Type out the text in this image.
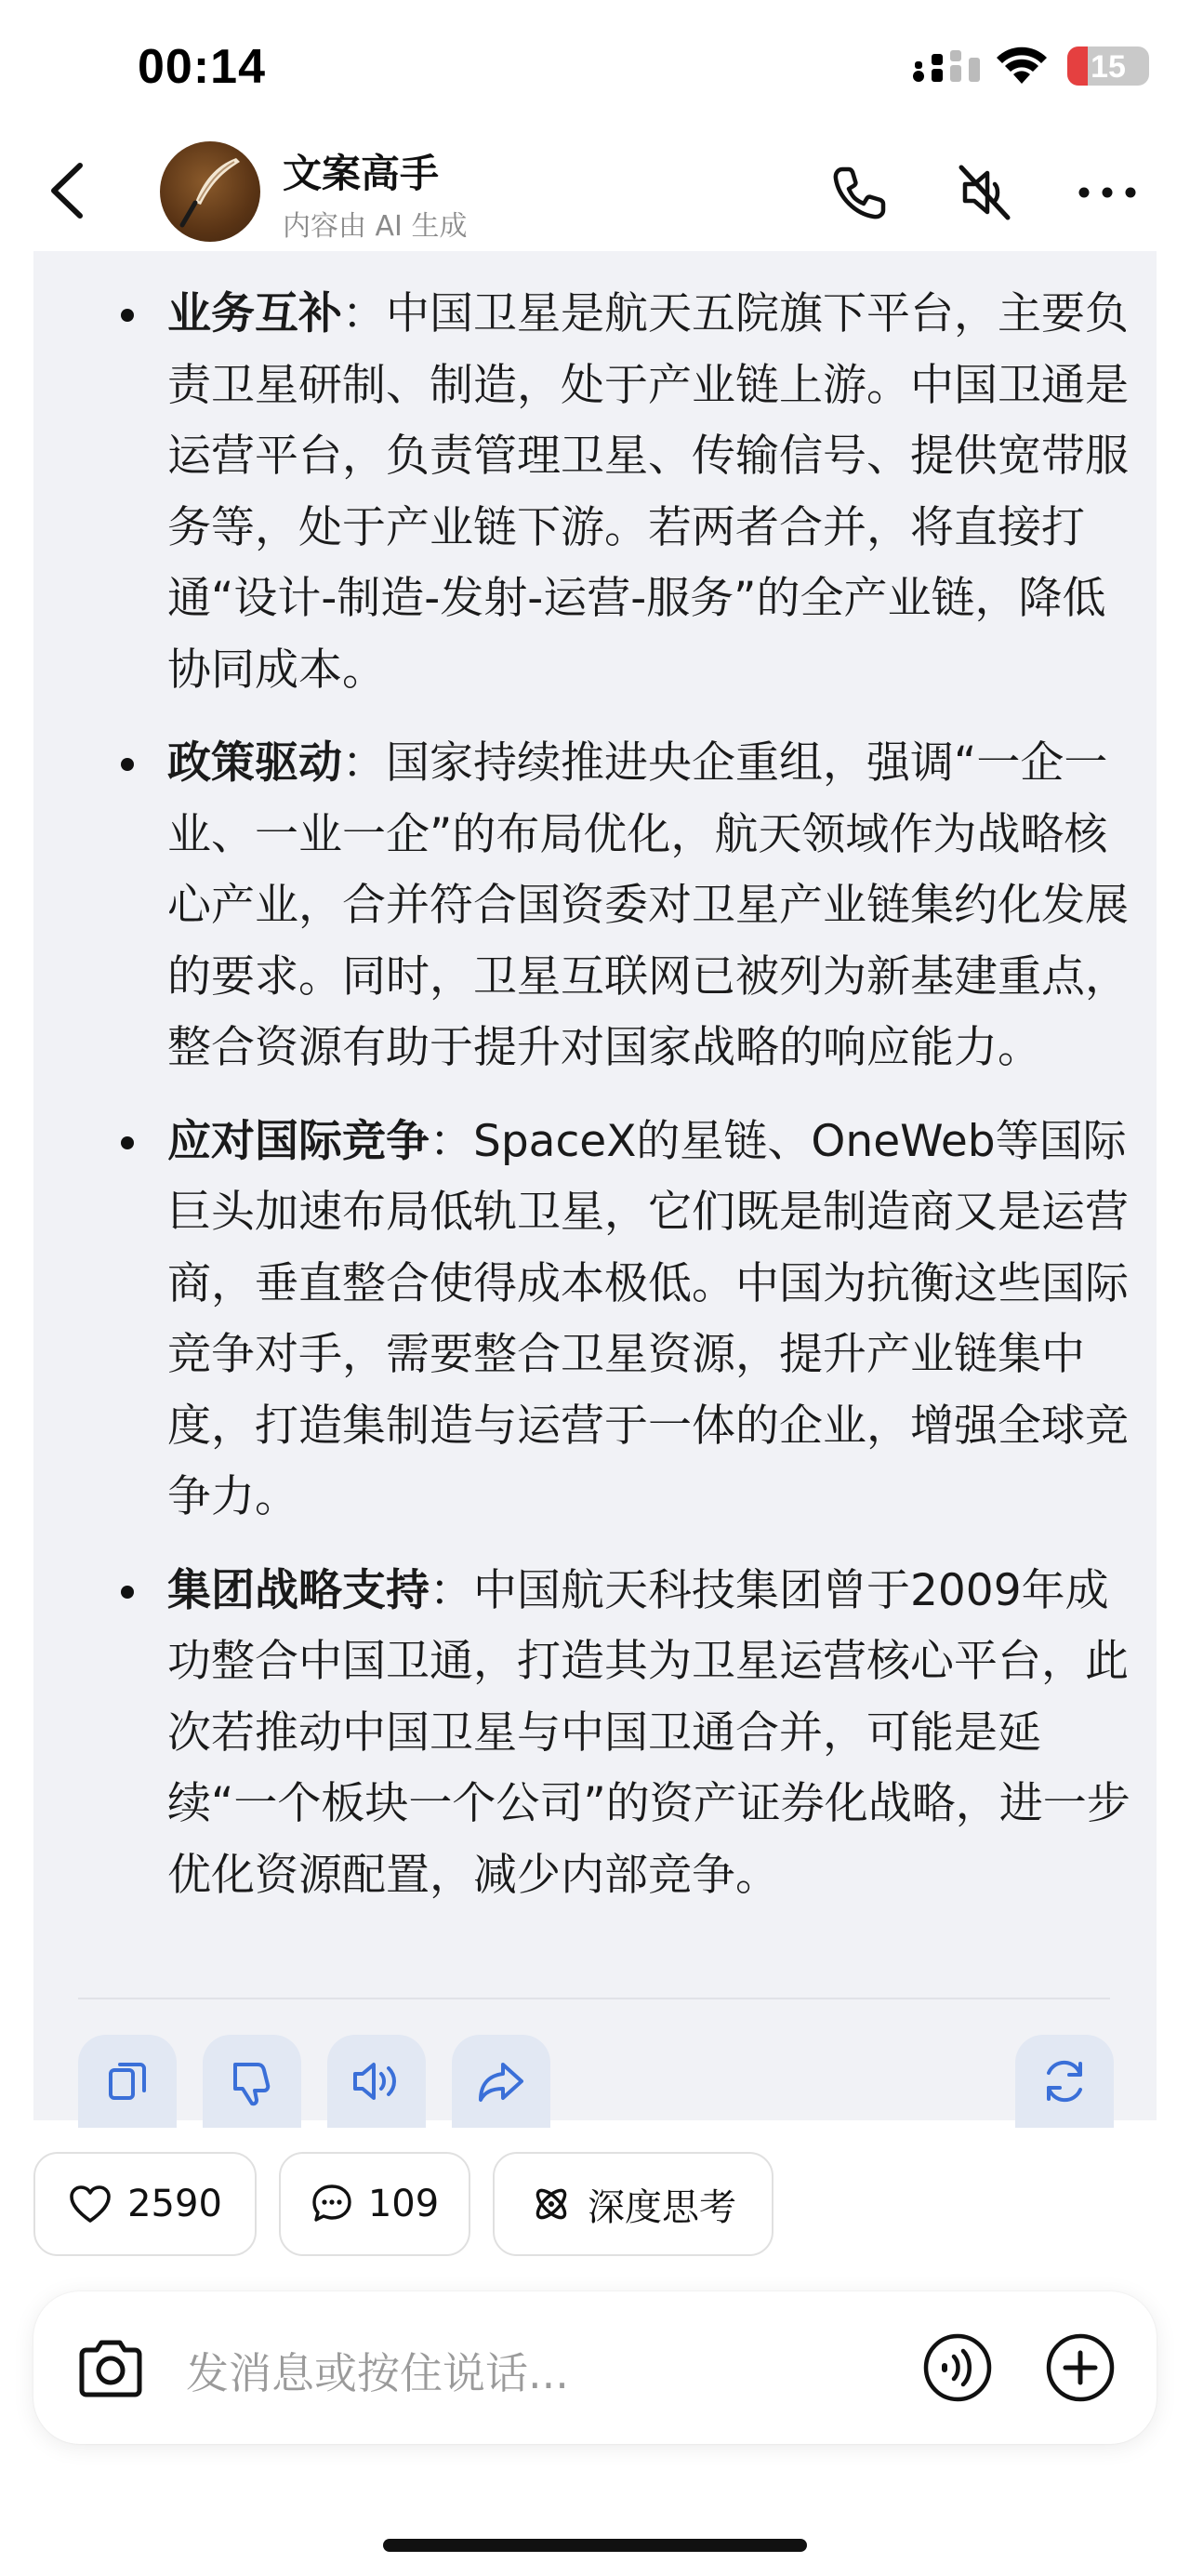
00:14	15
文案高手
内容由 AI 生成
业务互补：中国卫星是航天五院旗下平台，主要负责卫星研制、制造，处于产业链上游。中国卫通是运营平台，负责管理卫星、传输信号、提供宽带服务等，处于产业链下游。若两者合并，将直接打通“设计-制造-发射-运营-服务”的全产业链，降低协同成本。
政策驱动：国家持续推进央企重组，强调“一企一业、一业一企”的布局优化，航天领域作为战略核心产业，合并符合国资委对卫星产业链集约化发展的要求。同时，卫星互联网已被列为新基建重点，整合资源有助于提升对国家战略的响应能力。
应对国际竞争：SpaceX的星链、OneWeb等国际巨头加速布局低轨卫星，它们既是制造商又是运营商，垂直整合使得成本极低。中国为抗衡这些国际竞争对手，需要整合卫星资源，提升产业链集中度，打造集制造与运营于一体的企业，增强全球竞争力。
集团战略支持：中国航天科技集团曾于2009年成功整合中国卫通，打造其为卫星运营核心平台，此次若推动中国卫星与中国卫通合并，可能是延续“一个板块一个公司”的资产证券化战略，进一步优化资源配置，减少内部竞争。
2590	109	深度思考
发消息或按住说话...
